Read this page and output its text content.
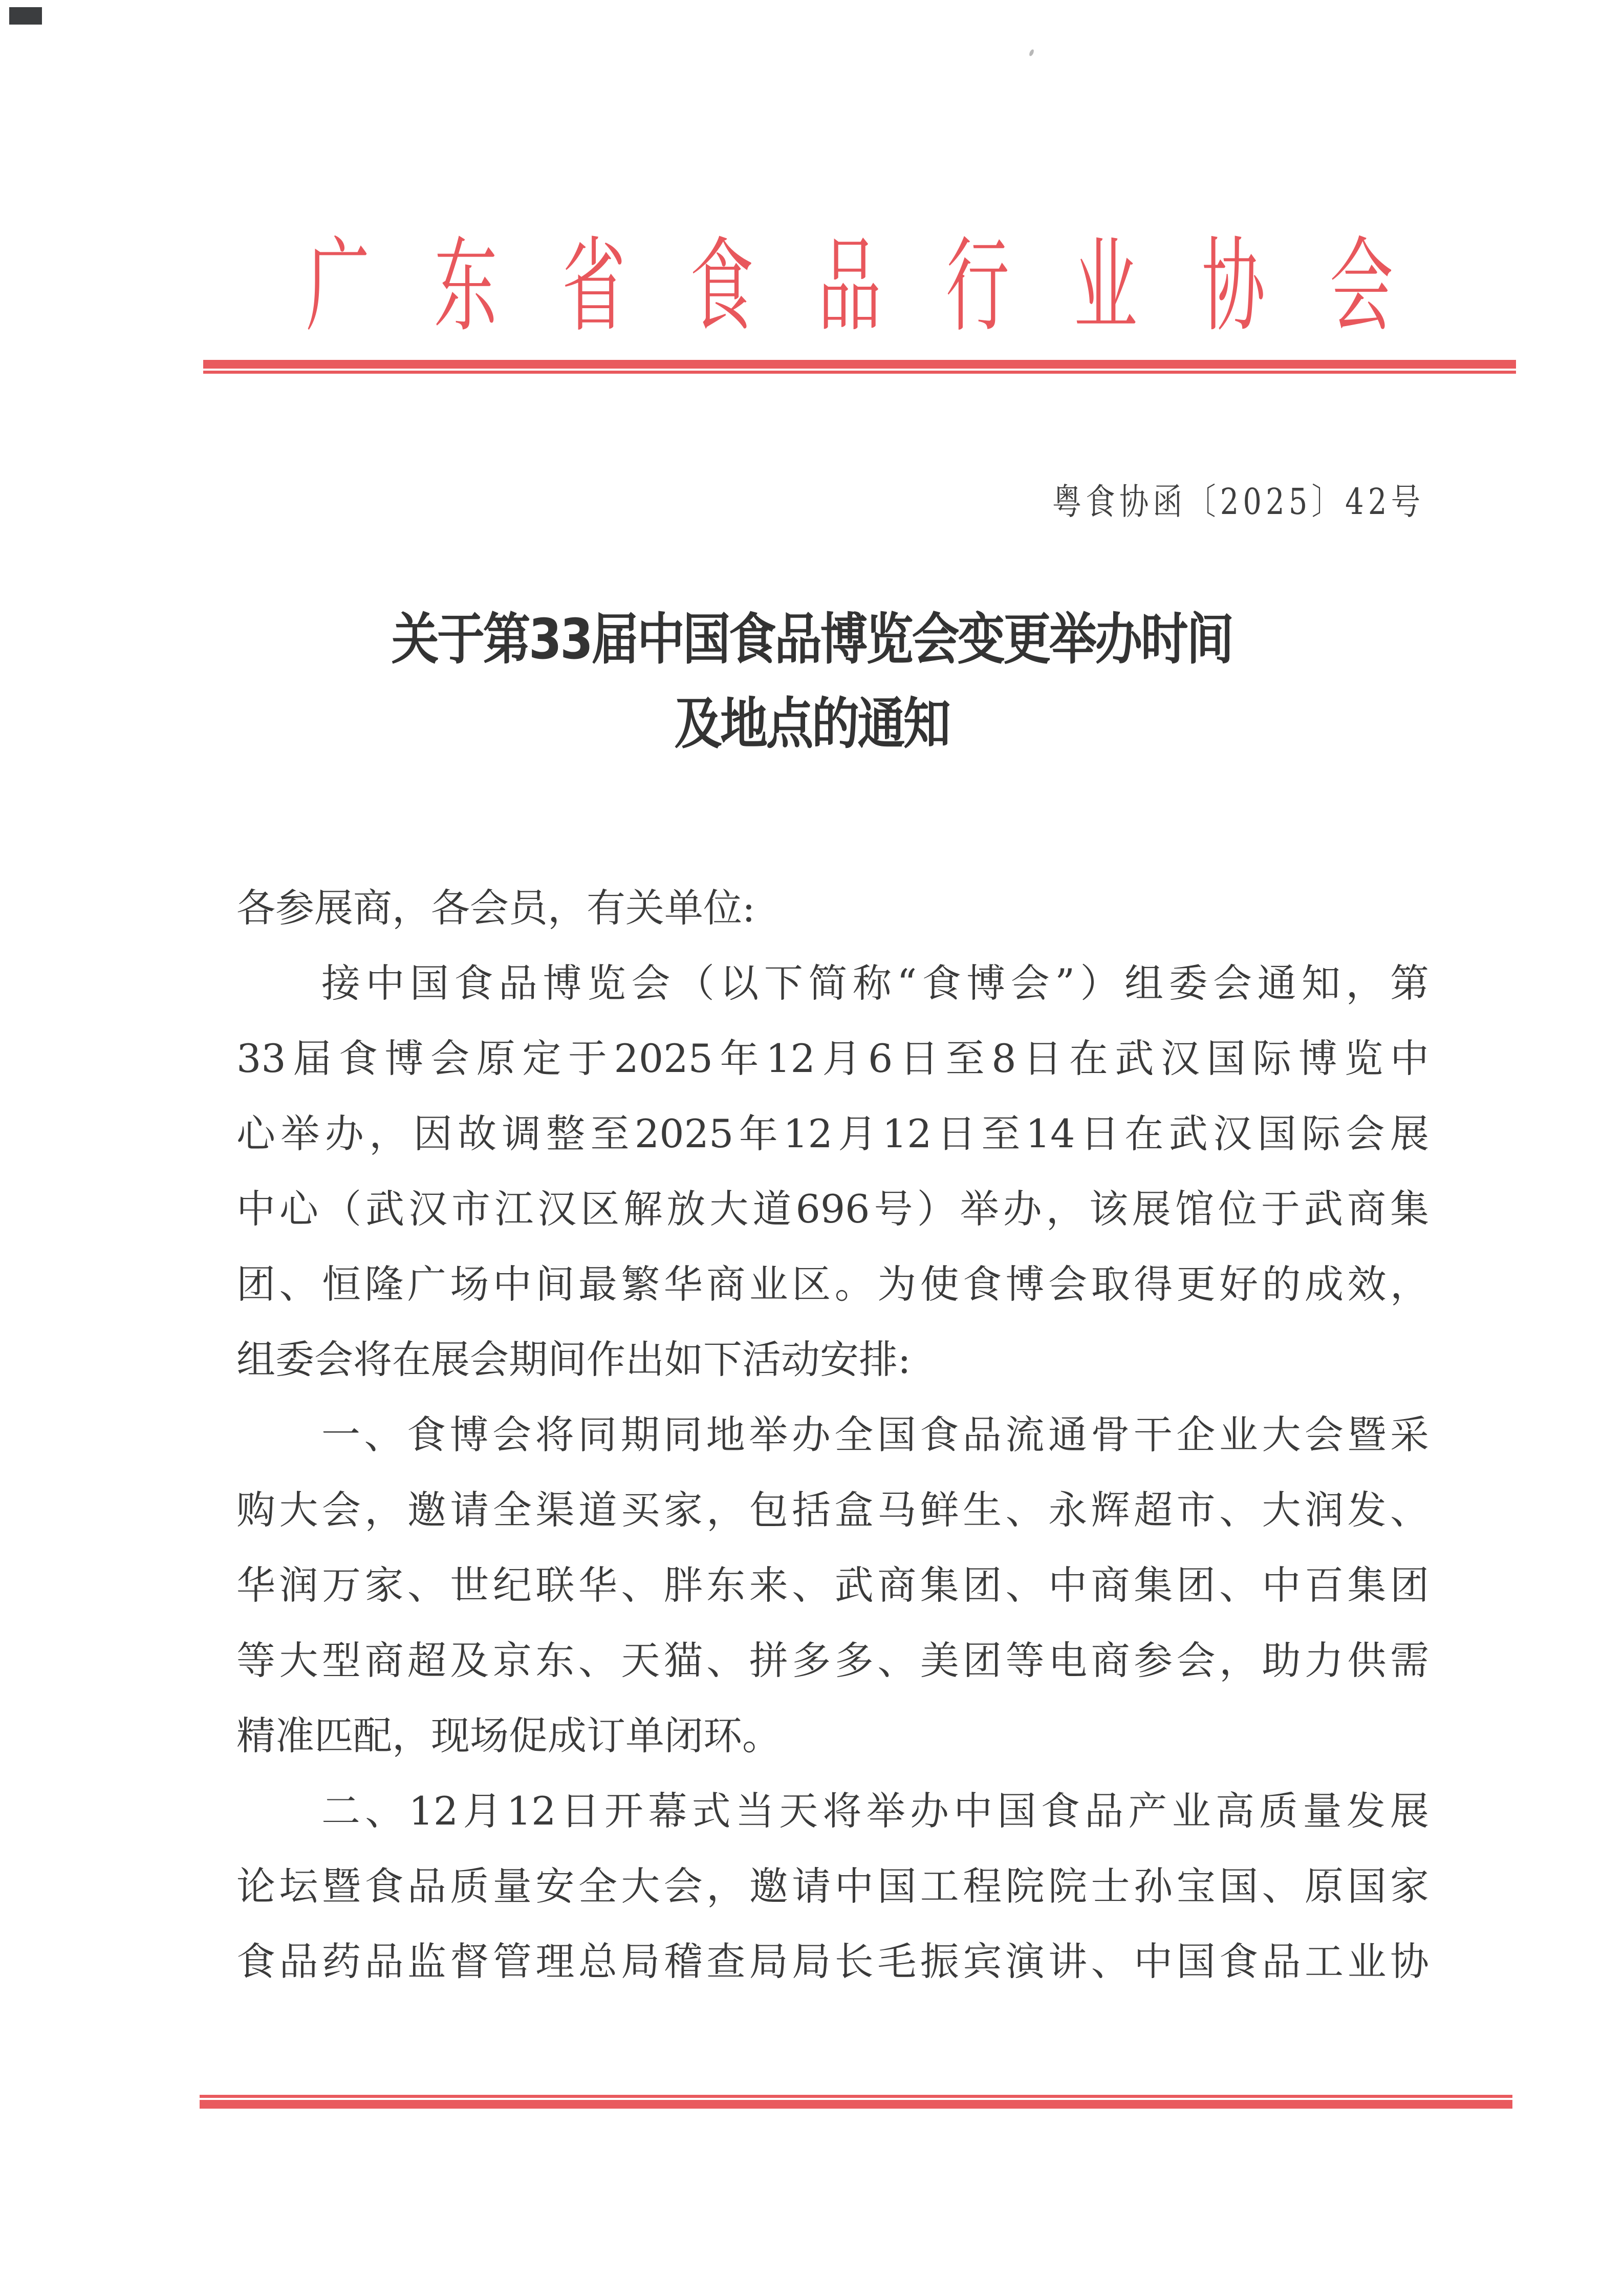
广 东 省 食 品 行 业 协 会
粤食协函〔2025〕42号
关于第33届中国食品博览会变更举办时间
及地点的通知
各参展商，各会员，有关单位:
接中国食品博览会（以下简称“食博会”）组委会通知，第
33届食博会原定于2025年12月6日至8日在武汉国际博览中
心举办，因故调整至2025年12月12日至14日在武汉国际会展
中心（武汉市江汉区解放大道696号）举办，该展馆位于武商集
团、恒隆广场中间最繁华商业区。为使食博会取得更好的成效，
组委会将在展会期间作出如下活动安排:
一、食博会将同期同地举办全国食品流通骨干企业大会暨采
购大会，邀请全渠道买家，包括盒马鲜生、永辉超市、大润发、
华润万家、世纪联华、胖东来、武商集团、中商集团、中百集团
等大型商超及京东、天猫、拼多多、美团等电商参会，助力供需
精准匹配，现场促成订单闭环。
二、12月12日开幕式当天将举办中国食品产业高质量发展
论坛暨食品质量安全大会，邀请中国工程院院士孙宝国、原国家
食品药品监督管理总局稽查局局长毛振宾演讲、中国食品工业协
